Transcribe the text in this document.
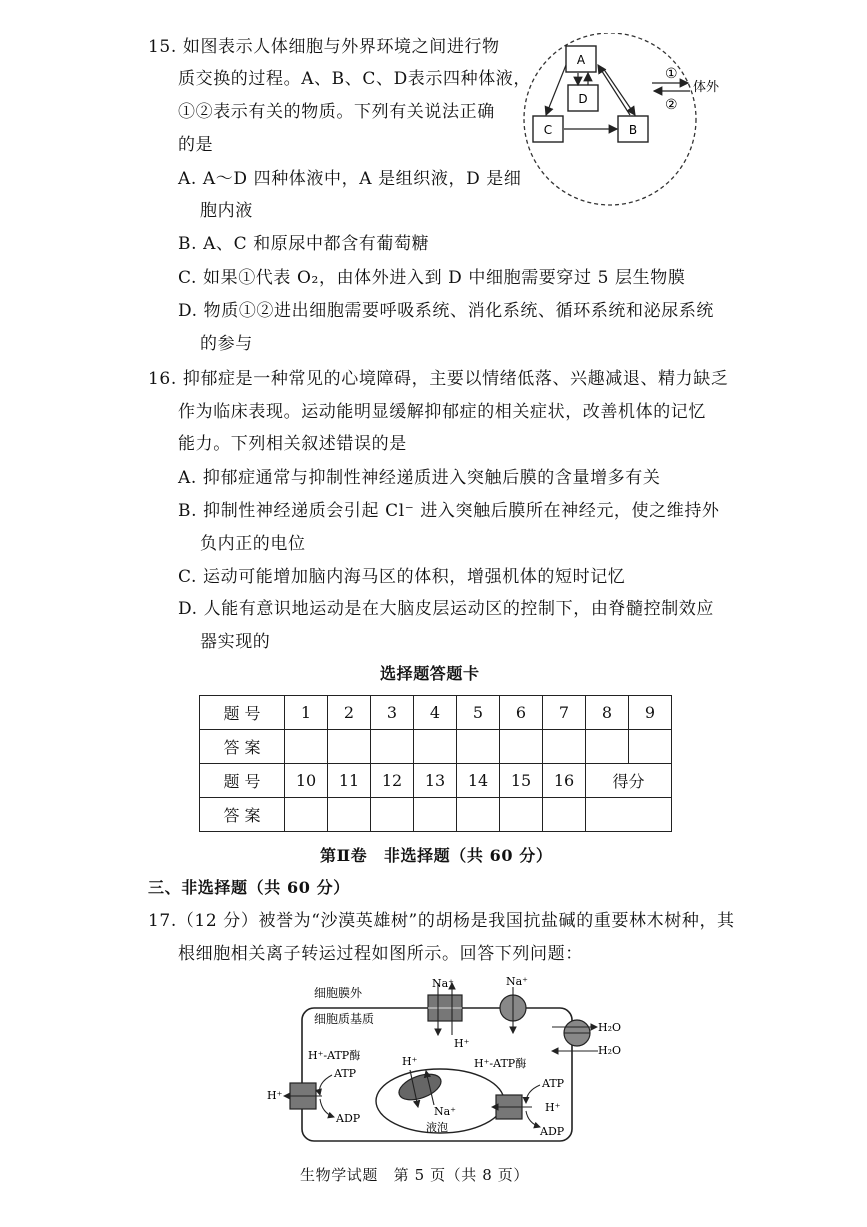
15. 如图表示人体细胞与外界环境之间进行物
质交换的过程。A、B、C、D表示四种体液，
①②表示有关的物质。下列有关说法正确
的是
A. A～D 四种体液中，A 是组织液，D 是细
胞内液
B. A、C 和原尿中都含有葡萄糖
C. 如果①代表 O₂，由体外进入到 D 中细胞需要穿过 5 层生物膜
D. 物质①②进出细胞需要呼吸系统、消化系统、循环系统和泌尿系统
的参与
A
D
C	B
①
②
体外
16. 抑郁症是一种常见的心境障碍，主要以情绪低落、兴趣减退、精力缺乏
作为临床表现。运动能明显缓解抑郁症的相关症状，改善机体的记忆
能力。下列相关叙述错误的是
A. 抑郁症通常与抑制性神经递质进入突触后膜的含量增多有关
B. 抑制性神经递质会引起 Cl⁻ 进入突触后膜所在神经元，使之维持外
负内正的电位
C. 运动可能增加脑内海马区的体积，增强机体的短时记忆
D. 人能有意识地运动是在大脑皮层运动区的控制下，由脊髓控制效应
器实现的
选择题答题卡
题 号	1	2	3	4	5	6	7	8	9
答 案									
题 号	10	11	12	13	14	15	16	得分	
答 案									
第Ⅱ卷　非选择题（共 60 分）
三、非选择题（共 60 分）
17.（12 分）被誉为“沙漠英雄树”的胡杨是我国抗盐碱的重要林木树种，其
根细胞相关离子转运过程如图所示。回答下列问题：
细胞膜外
细胞质基质
Na⁺	Na⁺
H⁺
H₂O
H₂O
H⁺-ATP酶
ATP
H⁺
ADP
H⁺
Na⁺
H⁺-ATP酶
ATP
H⁺
ADP
液泡
生物学试题　第 5 页（共 8 页）
